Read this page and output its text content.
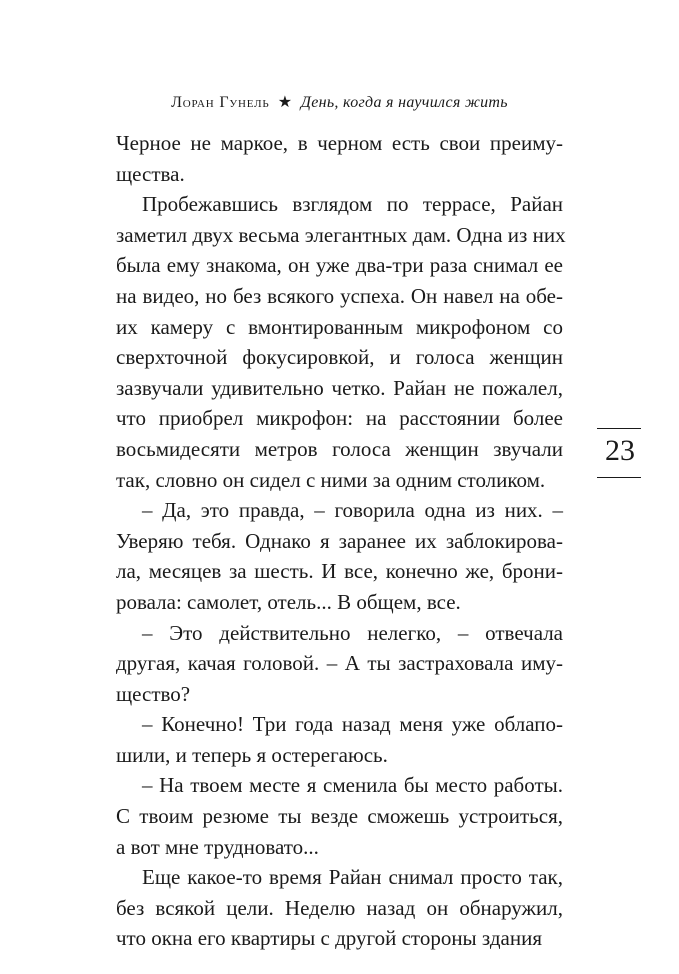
Лоран Гунель ★ День, когда я научился жить
Черное не маркое, в черном есть свои преиму-
щества.
Пробежавшись взглядом по террасе, Райан
заметил двух весьма элегантных дам. Одна из них
была ему знакома, он уже два-три раза снимал ее
на видео, но без всякого успеха. Он навел на обе-
их камеру с вмонтированным микрофоном со
сверхточной фокусировкой, и голоса женщин
зазвучали удивительно четко. Райан не пожалел,
что приобрел микрофон: на расстоянии более
восьмидесяти метров голоса женщин звучали
так, словно он сидел с ними за одним столиком.
– Да, это правда, – говорила одна из них. –
Уверяю тебя. Однако я заранее их заблокирова-
ла, месяцев за шесть. И все, конечно же, брони-
ровала: самолет, отель... В общем, все.
– Это действительно нелегко, – отвечала
другая, качая головой. – А ты застраховала иму-
щество?
– Конечно! Три года назад меня уже облапо-
шили, и теперь я остерегаюсь.
– На твоем месте я сменила бы место работы.
С твоим резюме ты везде сможешь устроиться,
а вот мне трудновато...
Еще какое-то время Райан снимал просто так,
без всякой цели. Неделю назад он обнаружил,
что окна его квартиры с другой стороны здания
23
